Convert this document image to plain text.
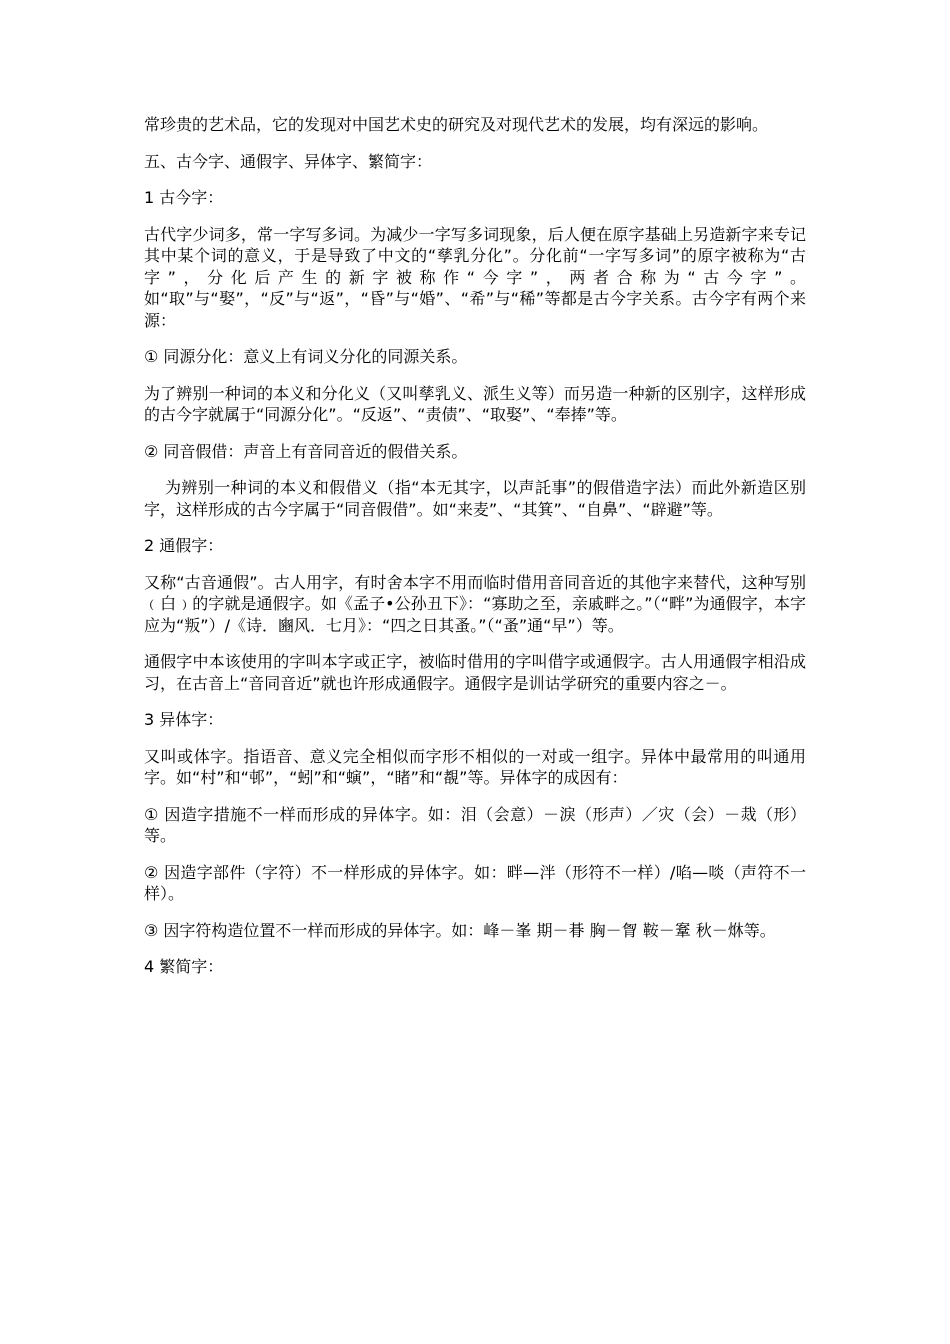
常珍贵的艺术品，它的发现对中国艺术史的研究及对现代艺术的发展，均有深远的影响。

五、古今字、通假字、异体字、繁简字：

1 古今字：

古代字少词多，常一字写多词。为减少一字写多词现象，后人便在原字基础上另造新字来专记其中某个词的意义，于是导致了中文的“孳乳分化”。分化前“一字写多词”的原字被称为“古字”，分化后产生的新字被称作“今字”，两者合称为“古今字”。如“取”与“娶”，“反”与“返”，“昏”与“婚”、“希”与“稀”等都是古今字关系。古今字有两个来源：

① 同源分化：意义上有词义分化的同源关系。

为了辨别一种词的本义和分化义（又叫孳乳义、派生义等）而另造一种新的区别字，这样形成的古今字就属于“同源分化”。“反返”、“责债”、“取娶”、“奉捧”等。

② 同音假借：声音上有音同音近的假借关系。

为辨别一种词的本义和假借义（指“本无其字，以声託事”的假借造字法）而此外新造区别字，这样形成的古今字属于“同音假借”。如“来麦”、“其箕”、“自鼻”、“辟避”等。

2 通假字：

又称“古音通假”。古人用字，有时舍本字不用而临时借用音同音近的其他字来替代，这种写别﹙白﹚的字就是通假字。如《孟子•公孙丑下》：“寡助之至，亲戚畔之。”（“畔”为通假字，本字应为“叛”）/《诗．豳风．七月》：“四之日其蚤。”（“蚤”通“早”）等。

通假字中本该使用的字叫本字或正字，被临时借用的字叫借字或通假字。古人用通假字相沿成习，在古音上“音同音近”就也许形成通假字。通假字是训诂学研究的重要内容之－。

3 异体字：

又叫或体字。指语音、意义完全相似而字形不相似的一对或一组字。异体中最常用的叫通用字。如“村”和“邨”，“蚓”和“螾”，“睹”和“覩”等。异体字的成因有：

① 因造字措施不一样而形成的异体字。如：泪（会意）－淚（形声）／灾（会）－烖（形）等。

② 因造字部件（字符）不一样形成的异体字。如：畔—泮（形符不一样）/啗—啖（声符不一样）。

③ 因字符构造位置不一样而形成的异体字。如：峰－峯 期－朞 胸－胷 鞍－鞌 秋－烌等。

4 繁简字：
